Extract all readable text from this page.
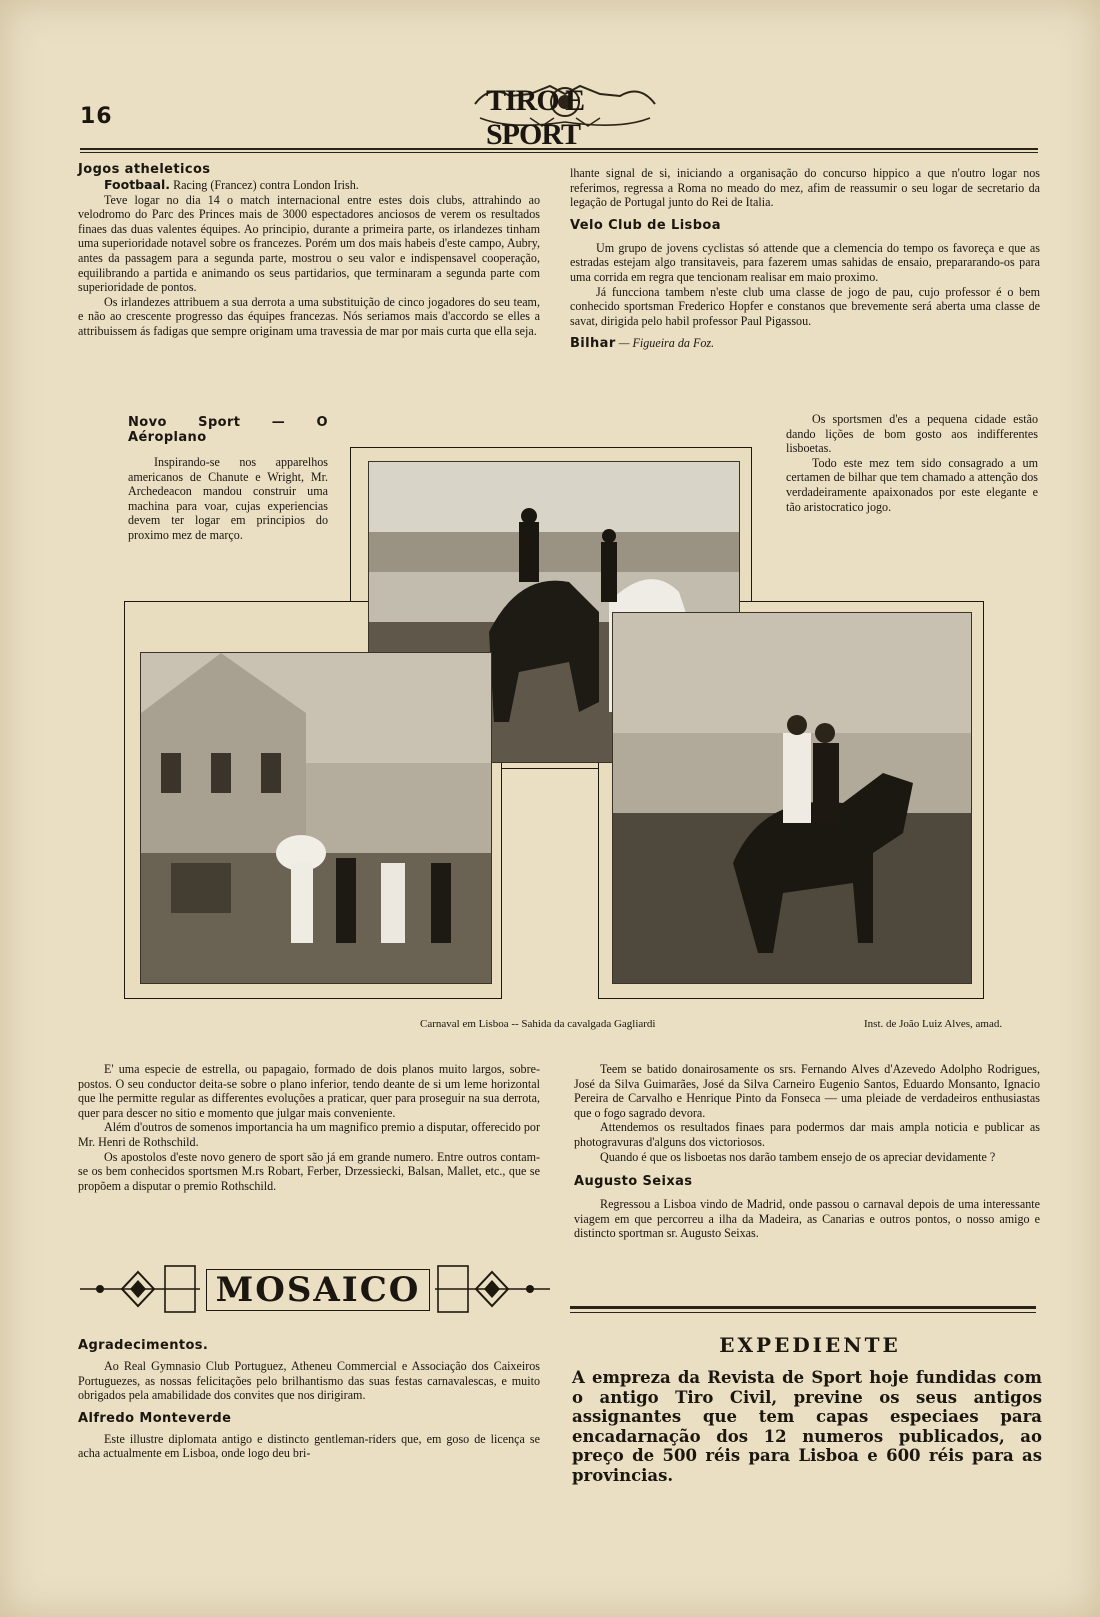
16	TIRO E SPORT
Jogos atheleticos
Footbaal. Racing (Francez) contra London Irish.

Teve logar no dia 14 o match internacional entre estes dois clubs, attrahindo ao velodromo do Parc des Princes mais de 3000 espectadores anciosos de verem os resultados finaes das duas valentes équipes. Ao principio, durante a primeira parte, os irlandezes tinham uma superioridade notavel sobre os francezes. Porém um dos mais habeis d'este campo, Aubry, antes da passagem para a segunda parte, mostrou o seu valor e indispensavel cooperação, equilibrando a partida e animando os seus partidarios, que terminaram a segunda parte com superioridade de pontos.

Os irlandezes attribuem a sua derrota a uma substituição de cinco jogadores do seu team, e não ao crescente progresso das équipes francezas. Nós seriamos mais d'accordo se elles a attribuissem ás fadigas que sempre originam uma travessia de mar por mais curta que ella seja.

Novo Sport — O Aéroplano

Inspirando-se nos apparelhos americanos de Chanute e Wright, Mr. Archedeacon mandou construir uma machina para voar, cujas experiencias devem ter logar em principios do proximo mez de março.

lhante signal de si, iniciando a organisação do concurso hippico a que n'outro logar nos referimos, regressa a Roma no meado do mez, afim de reassumir o seu logar de secretario da legação de Portugal junto do Rei de Italia.
Velo Club de Lisboa

Um grupo de jovens cyclistas só attende que a clemencia do tempo os favoreça e que as estradas estejam algo transitaveis, para fazerem umas sahidas de ensaio, prepararando-os para uma corrida em regra que tencionam realisar em maio proximo.

Já funcciona tambem n'este club uma classe de jogo de pau, cujo professor é o bem conhecido sportsman Frederico Hopfer e constanos que brevemente será aberta uma classe de savat, dirigida pelo habil professor Paul Pigassou.

Bilhar — Figueira da Foz.

Os sportsmen d'es a pequena cidade estão dando lições de bom gosto aos indifferentes lisboetas.

Todo este mez tem sido consagrado a um certamen de bilhar que tem chamado a attenção dos verdadeiramente apaixonados por este elegante e tão aristocratico jogo.

Carnaval em Lisboa -- Sahida da cavalgada Gagliardi	Inst. de João Luiz Alves, amad.

E' uma especie de estrella, ou papagaio, formado de dois planos muito largos, sobre-postos. O seu conductor deita-se sobre o plano inferior, tendo deante de si um leme horizontal que lhe permitte regular as differentes evoluções a praticar, quer para proseguir na sua derrota, quer para descer no sitio e momento que julgar mais conveniente.

Além d'outros de somenos importancia ha um magnifico premio a disputar, offerecido por Mr. Henri de Rothschild.

Os apostolos d'este novo genero de sport são já em grande numero. Entre outros contam-se os bem conhecidos sportsmen M.rs Robart, Ferber, Drzessiecki, Balsan, Mallet, etc., que se propõem a disputar o premio Rothschild.

MOSAICO
Agradecimentos.

Ao Real Gymnasio Club Portuguez, Atheneu Commercial e Associação dos Caixeiros Portuguezes, as nossas felicitações pelo brilhantismo das suas festas carnavalescas, e muito obrigados pela amabilidade dos convites que nos dirigiram.

Alfredo Monteverde

Este illustre diplomata antigo e distincto gentleman-riders que, em goso de licença se acha actualmente em Lisboa, onde logo deu bri-

Teem se batido donairosamente os srs. Fernando Alves d'Azevedo Adolpho Rodrigues, José da Silva Guimarães, José da Silva Carneiro Eugenio Santos, Eduardo Monsanto, Ignacio Pereira de Carvalho e Henrique Pinto da Fonseca — uma pleiade de verdadeiros enthusiastas que o fogo sagrado devora.

Attendemos os resultados finaes para podermos dar mais ampla noticia e publicar as photogravuras d'alguns dos victoriosos.

Quando é que os lisboetas nos darão tambem ensejo de os apreciar devidamente ?

Augusto Seixas

Regressou a Lisboa vindo de Madrid, onde passou o carnaval depois de uma interessante viagem em que percorreu a ilha da Madeira, as Canarias e outros pontos, o nosso amigo e distincto sportman sr. Augusto Seixas.

EXPEDIENTE
A empreza da Revista de Sport hoje fundidas com o antigo Tiro Civil, previne os seus antigos assignantes que tem capas especiaes para encadarnação dos 12 numeros publicados, ao preço de 500 réis para Lisboa e 600 réis para as provincias.
